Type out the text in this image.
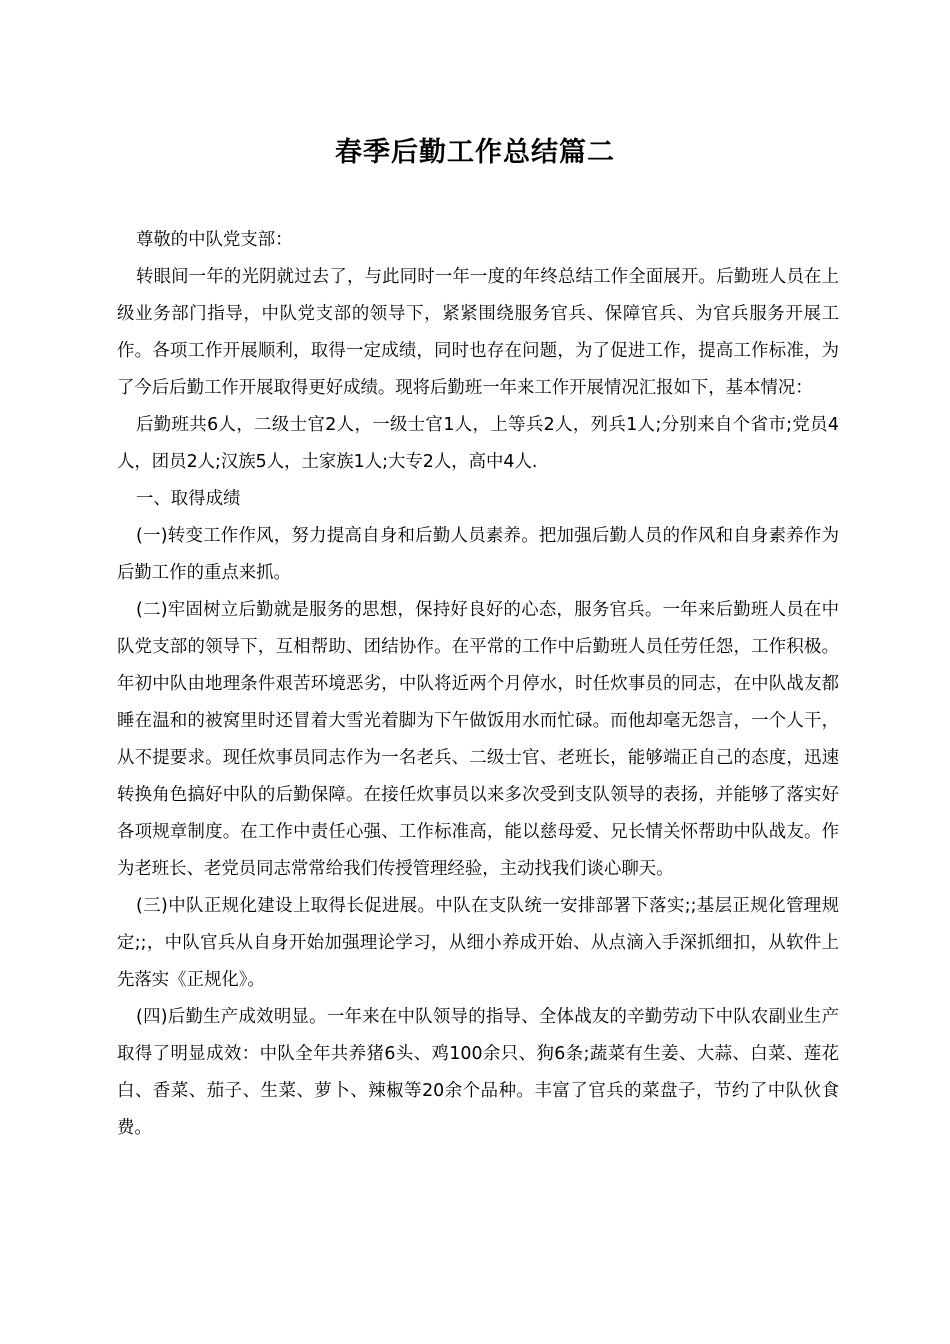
春季后勤工作总结篇二

尊敬的中队党支部：

转眼间一年的光阴就过去了，与此同时一年一度的年终总结工作全面展开。后勤班人员在上级业务部门指导，中队党支部的领导下，紧紧围绕服务官兵、保障官兵、为官兵服务开展工作。各项工作开展顺利，取得一定成绩，同时也存在问题，为了促进工作，提高工作标准，为了今后后勤工作开展取得更好成绩。现将后勤班一年来工作开展情况汇报如下，基本情况：

后勤班共6人，二级士官2人，一级士官1人，上等兵2人，列兵1人;分别来自个省市;党员4人，团员2人;汉族5人，土家族1人;大专2人，高中4人.

一、取得成绩

(一)转变工作作风，努力提高自身和后勤人员素养。把加强后勤人员的作风和自身素养作为后勤工作的重点来抓。

(二)牢固树立后勤就是服务的思想，保持好良好的心态，服务官兵。一年来后勤班人员在中队党支部的领导下，互相帮助、团结协作。在平常的工作中后勤班人员任劳任怨，工作积极。年初中队由地理条件艰苦环境恶劣，中队将近两个月停水，时任炊事员的同志，在中队战友都睡在温和的被窝里时还冒着大雪光着脚为下午做饭用水而忙碌。而他却毫无怨言，一个人干，从不提要求。现任炊事员同志作为一名老兵、二级士官、老班长，能够端正自己的态度，迅速转换角色搞好中队的后勤保障。在接任炊事员以来多次受到支队领导的表扬，并能够了落实好各项规章制度。在工作中责任心强、工作标准高，能以慈母爱、兄长情关怀帮助中队战友。作为老班长、老党员同志常常给我们传授管理经验，主动找我们谈心聊天。

(三)中队正规化建设上取得长促进展。中队在支队统一安排部署下落实;;基层正规化管理规定;;，中队官兵从自身开始加强理论学习，从细小养成开始、从点滴入手深抓细扣，从软件上先落实《正规化》。

(四)后勤生产成效明显。一年来在中队领导的指导、全体战友的辛勤劳动下中队农副业生产取得了明显成效：中队全年共养猪6头、鸡100余只、狗6条;蔬菜有生姜、大蒜、白菜、莲花白、香菜、茄子、生菜、萝卜、辣椒等20余个品种。丰富了官兵的菜盘子，节约了中队伙食费。
